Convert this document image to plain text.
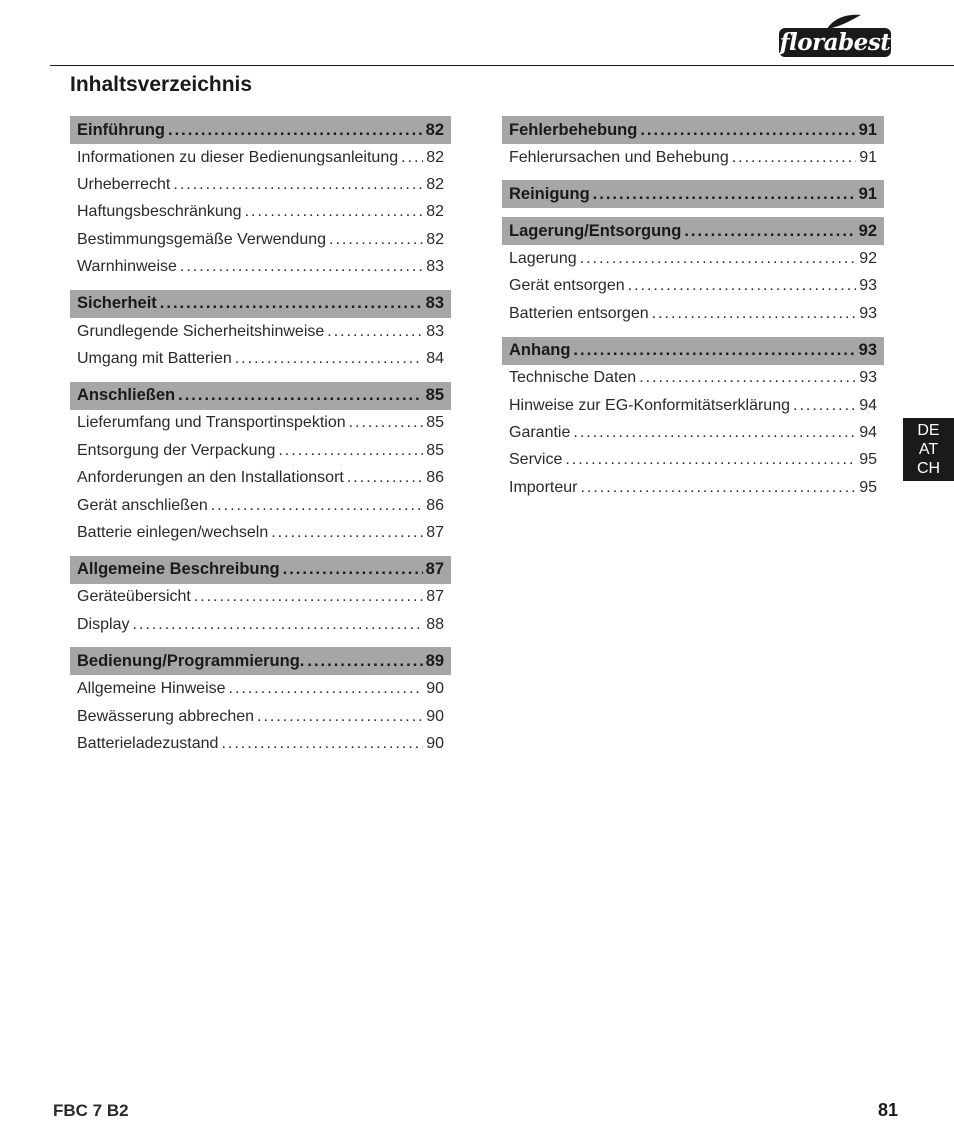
florabest
Inhaltsverzeichnis
Einführung .....	82
Informationen zu dieser Bedienungsanleitung ..... 82
Urheberrecht .....	82
Haftungsbeschränkung .....	82
Bestimmungsgemäße Verwendung .....	82
Warnhinweise .....	83
Sicherheit .....	83
Grundlegende Sicherheitshinweise .....	83
Umgang mit Batterien .....	84
Anschließen .....	85
Lieferumfang und Transportinspektion .....	85
Entsorgung der Verpackung .....	85
Anforderungen an den Installationsort .....	86
Gerät anschließen .....	86
Batterie einlegen/wechseln .....	87
Allgemeine Beschreibung .....	87
Geräteübersicht .....	87
Display .....	88
Bedienung/Programmierung. .....	89
Allgemeine Hinweise .....	90
Bewässerung abbrechen .....	90
Batterieladezustand .....	90
Fehlerbehebung .....	91
Fehlerursachen und Behebung .....	91
Reinigung .....	91
Lagerung/Entsorgung .....	92
Lagerung .....	92
Gerät entsorgen .....	93
Batterien entsorgen .....	93
Anhang .....	93
Technische Daten .....	93
Hinweise zur EG-Konformitätserklärung .....	94
Garantie .....	94
Service .....	95
Importeur .....	95
DE
AT
CH
FBC 7 B2	81
